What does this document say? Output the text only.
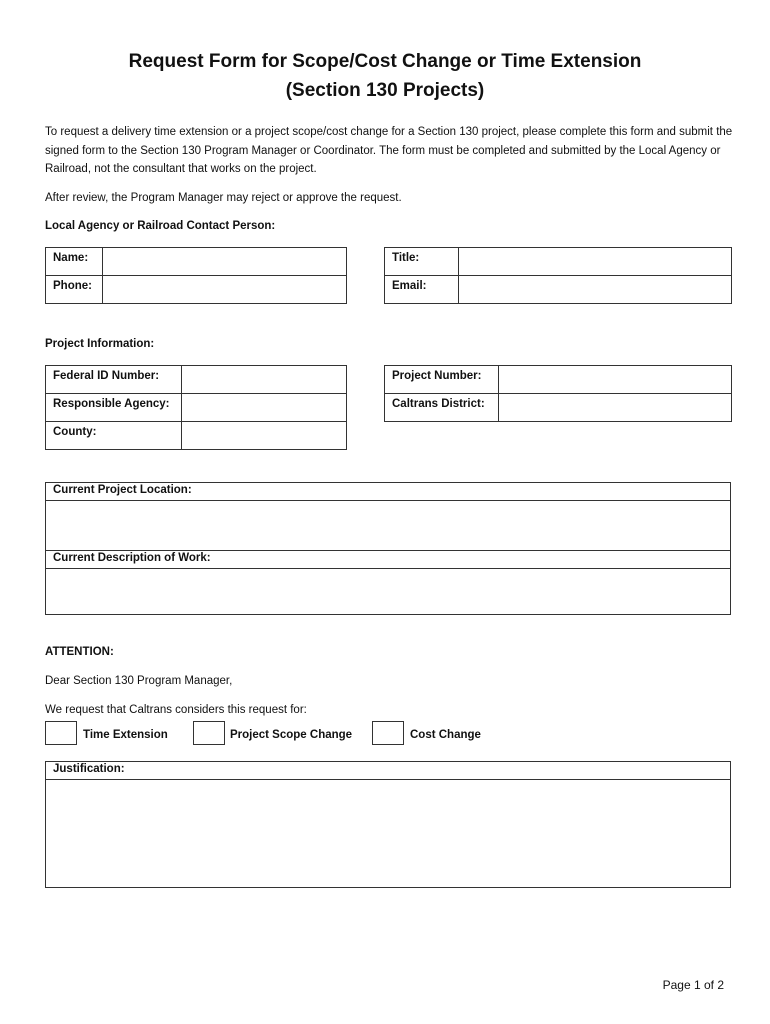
Request Form for Scope/Cost Change or Time Extension
(Section 130 Projects)
To request a delivery time extension or a project scope/cost change for a Section 130 project, please complete this form and submit the signed form to the Section 130 Program Manager or Coordinator. The form must be completed and submitted by the Local Agency or Railroad, not the consultant that works on the project.
After review, the Program Manager may reject or approve the request.
Local Agency or Railroad Contact Person:
Name:	
Phone:	
Title:	
Email:	
Project Information:
Federal ID Number:	
Responsible Agency:	
County:	
Project Number:	
Caltrans District:	
Current Project Location:
Current Description of Work:
ATTENTION:
Dear Section 130 Program Manager,
We request that Caltrans considers this request for:
Time Extension	Project Scope Change	Cost Change
Justification:
Page 1 of 2
